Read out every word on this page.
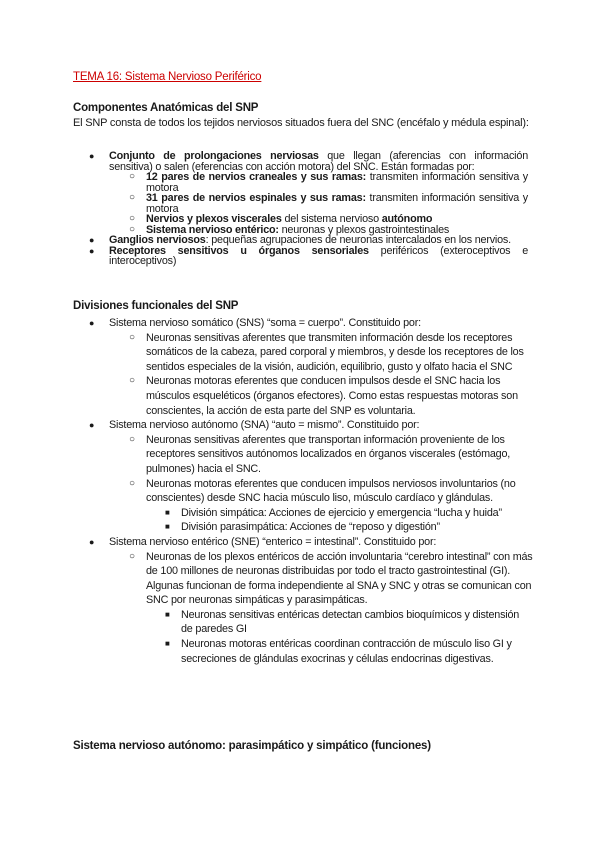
TEMA 16: Sistema Nervioso Periférico
Componentes Anatómicas del SNP
El SNP consta de todos los tejidos nerviosos situados fuera del SNC (encéfalo y médula espinal):
● Conjunto de prolongaciones nerviosas que llegan (aferencias con información sensitiva) o salen (eferencias con acción motora) del SNC. Están formadas por:
○ 12 pares de nervios craneales y sus ramas: transmiten información sensitiva y motora
○ 31 pares de nervios espinales y sus ramas: transmiten información sensitiva y motora
○ Nervios y plexos viscerales del sistema nervioso autónomo
○ Sistema nervioso entérico: neuronas y plexos gastrointestinales
● Ganglios nerviosos: pequeñas agrupaciones de neuronas intercalados en los nervios.
● Receptores sensitivos u órganos sensoriales periféricos (exteroceptivos e interoceptivos)
Divisiones funcionales del SNP
● Sistema nervioso somático (SNS) “soma = cuerpo”. Constituido por:
○ Neuronas sensitivas aferentes que transmiten información desde los receptores somáticos de la cabeza, pared corporal y miembros, y desde los receptores de los sentidos especiales de la visión, audición, equilibrio, gusto y olfato hacia el SNC
○ Neuronas motoras eferentes que conducen impulsos desde el SNC hacia los músculos esqueléticos (órganos efectores). Como estas respuestas motoras son conscientes, la acción de esta parte del SNP es voluntaria.
● Sistema nervioso autónomo (SNA) “auto = mismo”. Constituido por:
○ Neuronas sensitivas aferentes que transportan información proveniente de los receptores sensitivos autónomos localizados en órganos viscerales (estómago, pulmones) hacia el SNC.
○ Neuronas motoras eferentes que conducen impulsos nerviosos involuntarios (no conscientes) desde SNC hacia músculo liso, músculo cardíaco y glándulas.
■ División simpática: Acciones de ejercicio y emergencia “lucha y huida”
■ División parasimpática: Acciones de “reposo y digestión”
● Sistema nervioso entérico (SNE) “enterico = intestinal”. Constituido por:
○ Neuronas de los plexos entéricos de acción involuntaria “cerebro intestinal” con más de 100 millones de neuronas distribuidas por todo el tracto gastrointestinal (GI). Algunas funcionan de forma independiente al SNA y SNC y otras se comunican con SNC por neuronas simpáticas y parasimpáticas.
■ Neuronas sensitivas entéricas detectan cambios bioquímicos y distensión de paredes GI
■ Neuronas motoras entéricas coordinan contracción de músculo liso GI y secreciones de glándulas exocrinas y células endocrinas digestivas.
Sistema nervioso autónomo: parasimpático y simpático (funciones)
